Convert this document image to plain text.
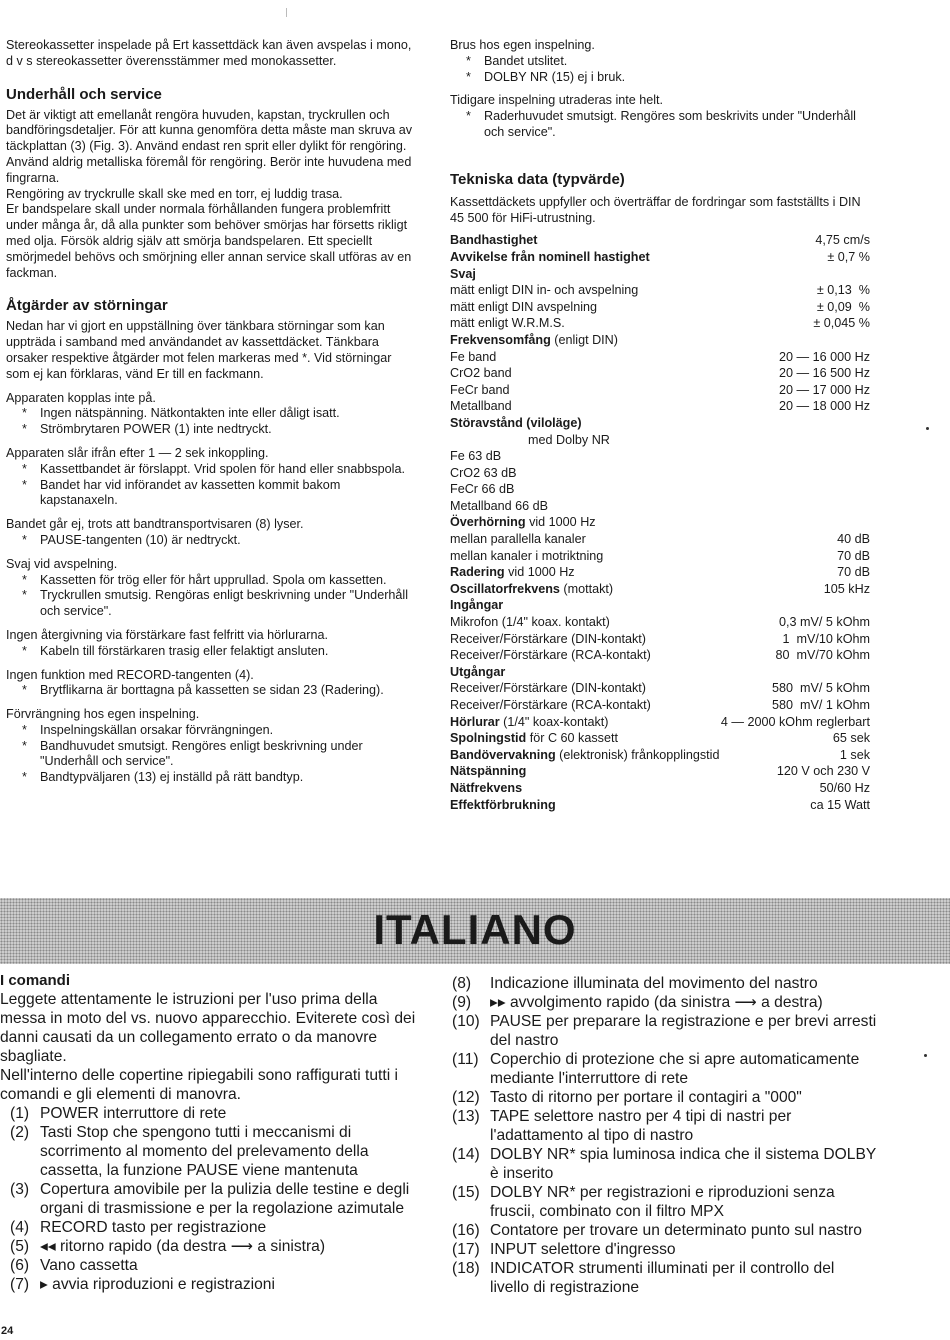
Stereokassetter inspelade på Ert kassettdäck kan även avspelas i mono, d v s stereokassetter överensstämmer med monokassetter.

Underhåll och service

Det är viktigt att emellanåt rengöra huvuden, kapstan, tryckrullen och bandföringsdetaljer. För att kunna genomföra detta måste man skruva av täckplattan (3) (Fig. 3). Använd endast ren sprit eller dylikt för rengöring. Använd aldrig metalliska föremål för rengöring. Berör inte huvudena med fingrarna.

Rengöring av tryckrulle skall ske med en torr, ej luddig trasa.

Er bandspelare skall under normala förhållanden fungera problemfritt under många år, då alla punkter som behöver smörjas har försetts rikligt med olja. Försök aldrig själv att smörja bandspelaren. Ett speciellt smörjmedel behövs och smörjning eller annan service skall utföras av en fackman.

Åtgärder av störningar

Nedan har vi gjort en uppställning över tänkbara störningar som kan uppträda i samband med användandet av kassettdäcket. Tänkbara orsaker respektive åtgärder mot felen markeras med *. Vid störningar som ej kan förklaras, vänd Er till en fackmann.

Apparaten kopplas inte på.

* Ingen nätspänning. Nätkontakten inte eller dåligt isatt.
* Strömbrytaren POWER (1) inte nedtryckt.

Apparaten slår ifrån efter 1 — 2 sek inkoppling.

* Kassettbandet är förslappt. Vrid spolen för hand eller snabbspola.
* Bandet har vid införandet av kassetten kommit bakom kapstanaxeln.

Bandet går ej, trots att bandtransportvisaren (8) lyser.

* PAUSE-tangenten (10) är nedtryckt.

Svaj vid avspelning.

* Kassetten för trög eller för hårt upprullad. Spola om kassetten.
* Tryckrullen smutsig. Rengöras enligt beskrivning under "Underhåll och service".

Ingen återgivning via förstärkare fast felfritt via hörlurarna.

* Kabeln till förstärkaren trasig eller felaktigt ansluten.

Ingen funktion med RECORD-tangenten (4).

* Brytflikarna är borttagna på kassetten se sidan 23 (Radering).

Förvrängning hos egen inspelning.

* Inspelningskällan orsakar förvrängningen.
* Bandhuvudet smutsigt. Rengöres enligt beskrivning under "Underhåll och service".
* Bandtypväljaren (13) ej inställd på rätt bandtyp.

Brus hos egen inspelning.

* Bandet utslitet.
* DOLBY NR (15) ej i bruk.

Tidigare inspelning utraderas inte helt.

* Raderhuvudet smutsigt. Rengöres som beskrivits under "Underhåll och service".
Tekniska data (typvärde)

Kassettdäckets uppfyller och överträffar de fordringar som fastställts i DIN 45 500 för HiFi-utrustning.

Bandhastighet	4,75 cm/s
Avvikelse från nominell hastighet	± 0,7 %
Svaj
mätt enligt DIN in- och avspelning	± 0,13  %
mätt enligt DIN avspelning	± 0,09  %
mätt enligt W.R.M.S.	± 0,045 %
Frekvensomfång (enligt DIN)
Fe band	20 — 16 000 Hz
CrO2 band	20 — 16 500 Hz
FeCr band	20 — 17 000 Hz
Metallband	20 — 18 000 Hz
Störavstånd (viloläge)
med Dolby NR
Fe 63 dB
CrO2 63 dB
FeCr 66 dB
Metallband 66 dB
Överhörning vid 1000 Hz
mellan parallella kanaler	40 dB
mellan kanaler i motriktning	70 dB
Radering vid 1000 Hz	70 dB
Oscillatorfrekvens (mottakt)	105 kHz
Ingångar
Mikrofon (1/4" koax. kontakt)	0,3 mV/ 5 kOhm
Receiver/Förstärkare (DIN-kontakt)	1  mV/10 kOhm
Receiver/Förstärkare (RCA-kontakt)	80  mV/70 kOhm
Utgångar
Receiver/Förstärkare (DIN-kontakt)	580  mV/ 5 kOhm
Receiver/Förstärkare (RCA-kontakt)	580  mV/ 1 kOhm
Hörlurar (1/4" koax-kontakt)	4 — 2000 kOhm reglerbart
Spolningstid för C 60 kassett	65 sek
Bandövervakning (elektronisk) frånkopplingstid	1 sek
Nätspänning	120 V och 230 V
Nätfrekvens	50/60 Hz
Effektförbrukning	ca 15 Watt
ITALIANO
I comandi

Leggete attentamente le istruzioni per l'uso prima della messa in moto del vs. nuovo apparecchio. Eviterete così dei danni causati da un collegamento errato o da manovre sbagliate.

Nell'interno delle copertine ripiegabili sono raffigurati tutti i comandi e gli elementi di manovra.

(1) POWER interruttore di rete
(2) Tasti Stop che spengono tutti i meccanismi di scorrimento al momento del prelevamento della cassetta, la funzione PAUSE viene mantenuta
(3) Copertura amovibile per la pulizia delle testine e degli organi di trasmissione e per la regolazione azimutale
(4) RECORD tasto per registrazione
(5) ◂◂ ritorno rapido (da destra ⟶ a sinistra)
(6) Vano cassetta
(7) ▸ avvia riproduzioni e registrazioni
(8)	Indicazione illuminata del movimento del nastro
(9)	▸▸ avvolgimento rapido (da sinistra ⟶ a destra)
(10) PAUSE per preparare la registrazione e per brevi arresti del nastro
(11) Coperchio di protezione che si apre automaticamente mediante l'interruttore di rete
(12) Tasto di ritorno per portare il contagiri a "000"
(13) TAPE selettore nastro per 4 tipi di nastri per l'adattamento al tipo di nastro
(14) DOLBY NR* spia luminosa indica che il sistema DOLBY è inserito
(15) DOLBY NR* per registrazioni e riproduzioni senza fruscii, combinato con il filtro MPX
(16) Contatore per trovare un determinato punto sul nastro
(17) INPUT selettore d'ingresso
(18) INDICATOR strumenti illuminati per il controllo del livello di registrazione
24
